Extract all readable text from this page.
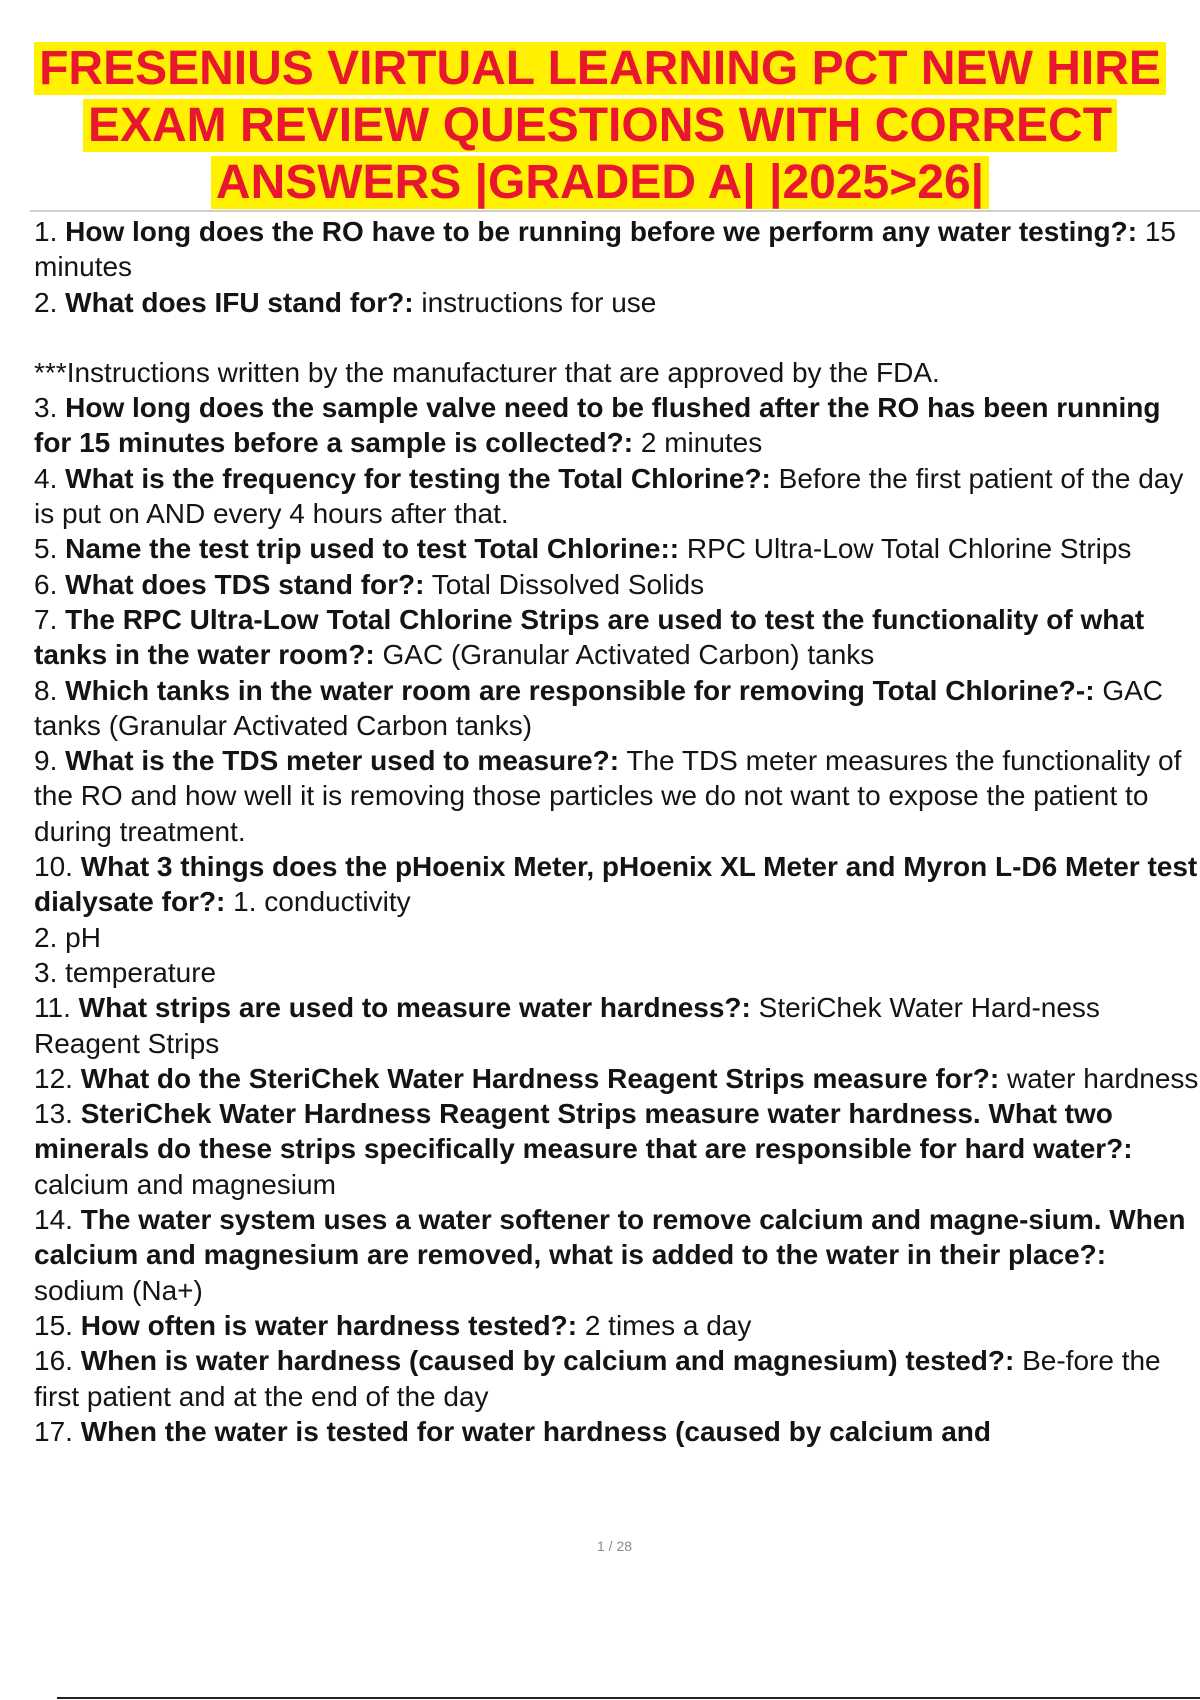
FRESENIUS VIRTUAL LEARNING PCT NEW HIRE EXAM REVIEW QUESTIONS WITH CORRECT ANSWERS |GRADED A| |2025>26|
1. How long does the RO have to be running before we perform any water testing?: 15 minutes
2. What does IFU stand for?: instructions for use
***Instructions written by the manufacturer that are approved by the FDA.
3. How long does the sample valve need to be flushed after the RO has been running for 15 minutes before a sample is collected?: 2 minutes
4. What is the frequency for testing the Total Chlorine?: Before the first patient of the day is put on AND every 4 hours after that.
5. Name the test trip used to test Total Chlorine:: RPC Ultra-Low Total Chlorine Strips
6. What does TDS stand for?: Total Dissolved Solids
7. The RPC Ultra-Low Total Chlorine Strips are used to test the functionality of what tanks in the water room?: GAC (Granular Activated Carbon) tanks
8. Which tanks in the water room are responsible for removing Total Chlorine?-: GAC tanks (Granular Activated Carbon tanks)
9. What is the TDS meter used to measure?: The TDS meter measures the functionality of the RO and how well it is removing those particles we do not want to expose the patient to during treatment.
10. What 3 things does the pHoenix Meter, pHoenix XL Meter and Myron L-D6 Meter test dialysate for?: 1. conductivity
2. pH
3. temperature
11. What strips are used to measure water hardness?: SteriChek Water Hard-ness Reagent Strips
12. What do the SteriChek Water Hardness Reagent Strips measure for?: water hardness
13. SteriChek Water Hardness Reagent Strips measure water hardness. What two minerals do these strips specifically measure that are responsible for hard water?: calcium and magnesium
14. The water system uses a water softener to remove calcium and magne-sium. When calcium and magnesium are removed, what is added to the water in their place?: sodium (Na+)
15. How often is water hardness tested?: 2 times a day
16. When is water hardness (caused by calcium and magnesium) tested?: Be-fore the first patient and at the end of the day
17. When the water is tested for water hardness (caused by calcium and
1 / 28
